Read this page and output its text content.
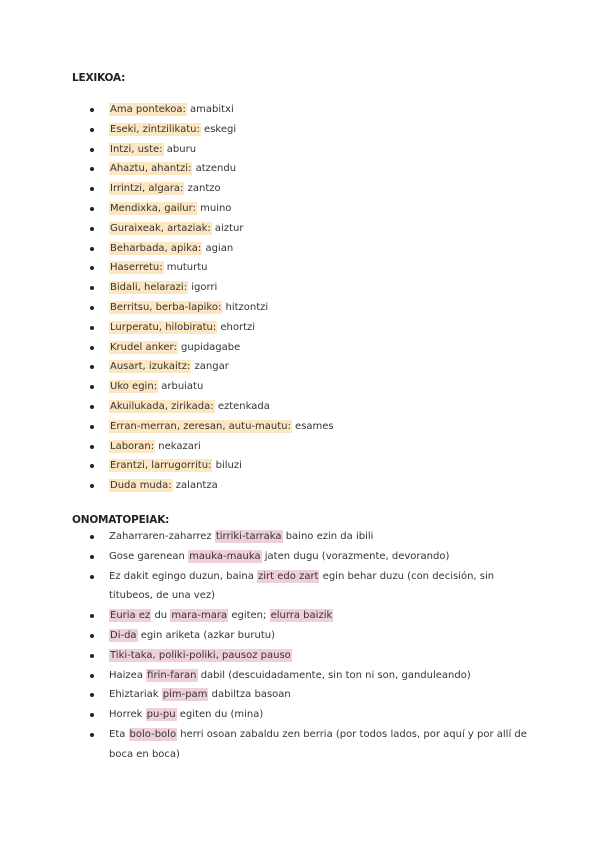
LEXIKOA:
Ama pontekoa: amabitxi
Eseki, zintzilikatu: eskegi
Intzi, uste: aburu
Ahaztu, ahantzi: atzendu
Irrintzi, algara: zantzo
Mendixka, gailur: muino
Guraixeak, artaziak: aiztur
Beharbada, apika: agian
Haserretu: muturtu
Bidali, helarazi: igorri
Berritsu, berba-lapiko: hitzontzi
Lurperatu, hilobiratu: ehortzi
Krudel anker: gupidagabe
Ausart, izukaitz: zangar
Uko egin: arbuiatu
Akuilukada, zirikada: eztenkada
Erran-merran, zeresan, autu-mautu: esames
Laboran: nekazari
Erantzi, larrugorritu: biluzi
Duda muda: zalantza
ONOMATOPEIAK:
Zaharraren-zaharrez tirriki-tarraka baino ezin da ibili
Gose garenean mauka-mauka jaten dugu (vorazmente, devorando)
Ez dakit egingo duzun, baina zirt edo zart egin behar duzu (con decisión, sin titubeos, de una vez)
Euria ez du mara-mara egiten; elurra baizik
Di-da egin ariketa (azkar burutu)
Tiki-taka, poliki-poliki, pausoz pauso
Haizea firin-faran dabil (descuidadamente, sin ton ni son, ganduleando)
Ehiztariak pim-pam dabiltza basoan
Horrek pu-pu egiten du (mina)
Eta bolo-bolo herri osoan zabaldu zen berria (por todos lados, por aquí y por allí de boca en boca)
